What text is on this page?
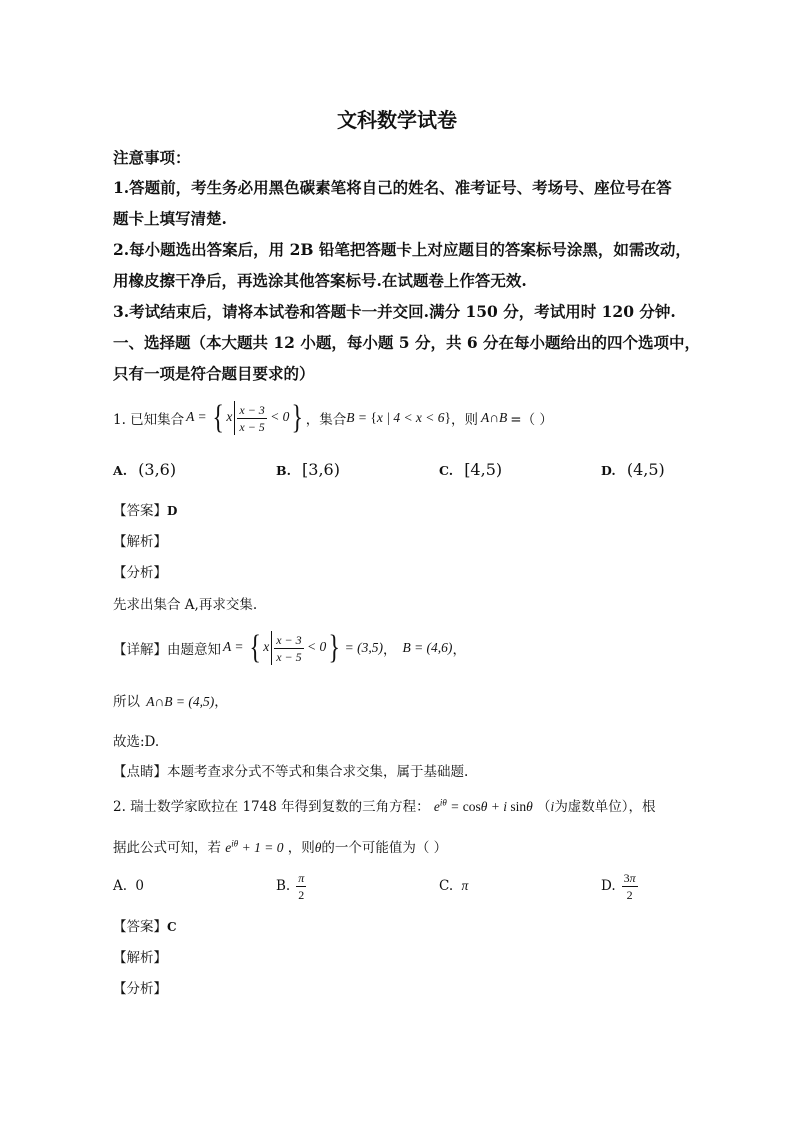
文科数学试卷
注意事项：
1.答题前，考生务必用黑色碳素笔将自己的姓名、准考证号、考场号、座位号在答
题卡上填写清楚.
2.每小题选出答案后，用 2B 铅笔把答题卡上对应题目的答案标号涂黑，如需改动，
用橡皮擦干净后，再选涂其他答案标号.在试题卷上作答无效.
3.考试结束后，请将本试卷和答题卡一并交回.满分 150 分，考试用时 120 分钟.
一、选择题（本大题共 12 小题，每小题 5 分，共 6 分在每小题给出的四个选项中，
只有一项是符合题目要求的）
1. 已知集合 A = { x $\frac{x - 3}{x - 5} < 0$} ，集合 B = {x | 4 < x < 6} ，则 A∩B =（ ）
A. (3,6)	B. [3,6)	C. [4,5)	D. (4,5)
【答案】D
【解析】
【分析】
先求出集合 A,再求交集.
【详解】 由题意知 A = { x $\frac{x - 3}{x - 5} < 0\} = (3,5)$ ， B = (4,6) ，
所以 A∩B = (4,5)，
故选:D.
【点睛】本题考查求分式不等式和集合求交集，属于基础题.
2. 瑞士数学家欧拉在 1748 年得到复数的三角方程： $e^{i\theta} = \cos\theta + i$ sinθ （i为虚数单位），根
据此公式可知，若 $e^{i\theta} + 1 = 0$ ，则θ的一个可能值为（ ）
A. 0	B. $\frac{\pi}{2}$	C. π	D. $\frac{3\pi}{2}$
【答案】C
【解析】
【分析】
